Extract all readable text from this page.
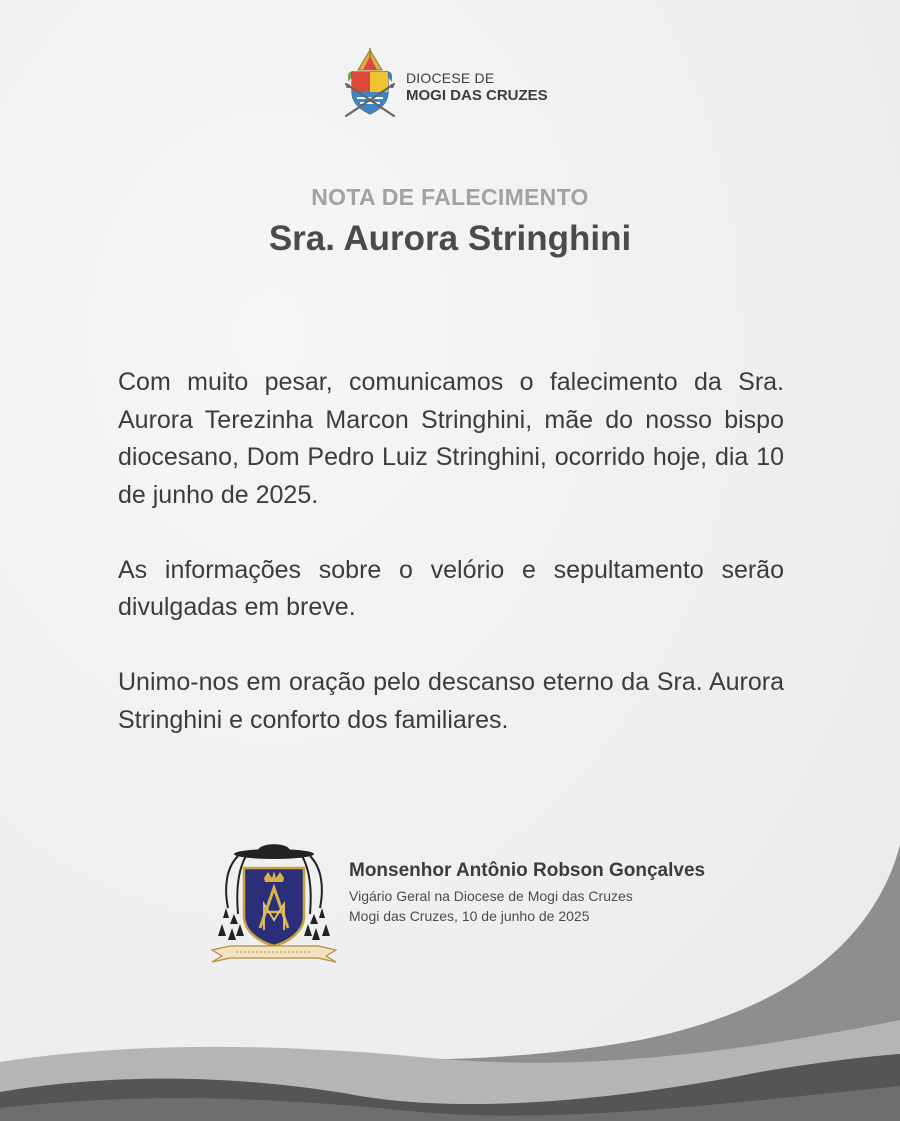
DIOCESE DE
MOGI DAS CRUZES
NOTA DE FALECIMENTO
Sra. Aurora Stringhini

Com muito pesar, comunicamos o falecimento da Sra. Aurora Terezinha Marcon Stringhini, mãe do nosso bispo diocesano, Dom Pedro Luiz Stringhini, ocorrido hoje, dia 10 de junho de 2025.

As informações sobre o velório e sepultamento serão divulgadas em breve.

Unimo-nos em oração pelo descanso eterno da Sra. Aurora Stringhini e conforto dos familiares.

Monsenhor Antônio Robson Gonçalves

Vigário Geral na Diocese de Mogi das Cruzes

Mogi das Cruzes, 10 de junho de 2025
